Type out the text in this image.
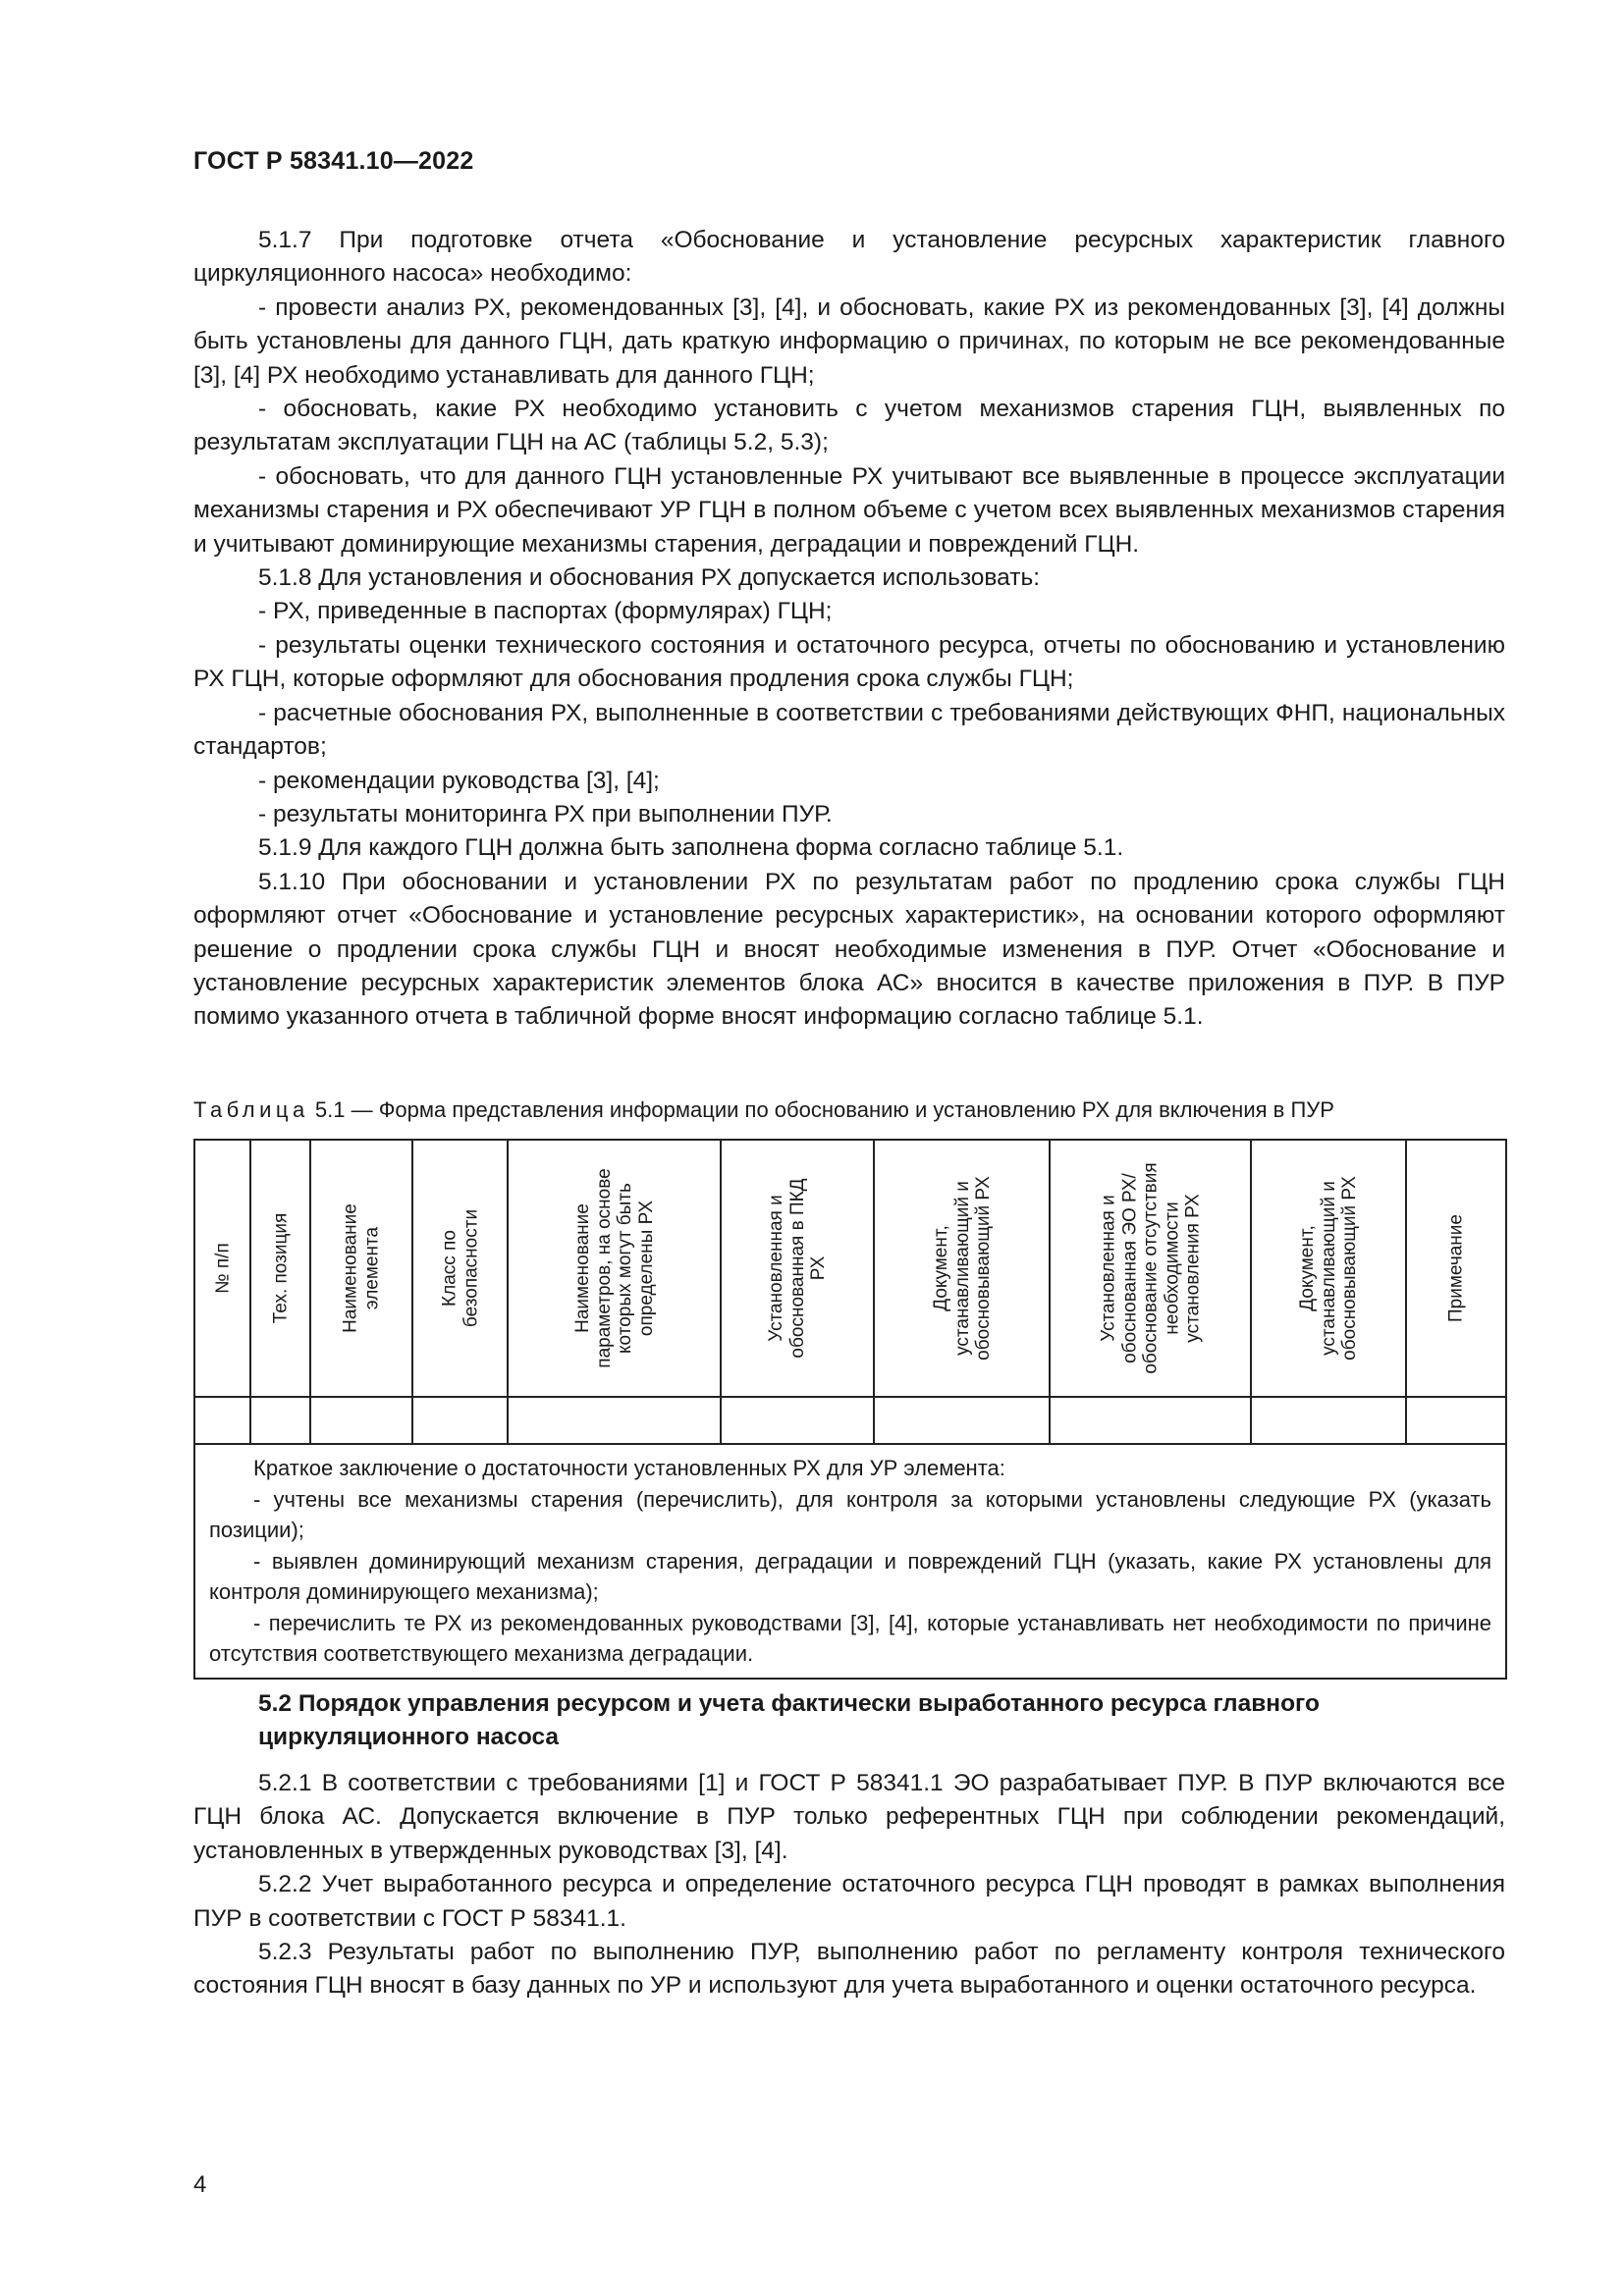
ГОСТ Р 58341.10—2022

5.1.7 При подготовке отчета «Обоснование и установление ресурсных характеристик главного циркуляционного насоса» необходимо:

- провести анализ РХ, рекомендованных [3], [4], и обосновать, какие РХ из рекомендованных [3], [4] должны быть установлены для данного ГЦН, дать краткую информацию о причинах, по которым не все рекомендованные [3], [4] РХ необходимо устанавливать для данного ГЦН;

- обосновать, какие РХ необходимо установить с учетом механизмов старения ГЦН, выявленных по результатам эксплуатации ГЦН на АС (таблицы 5.2, 5.3);

- обосновать, что для данного ГЦН установленные РХ учитывают все выявленные в процессе эксплуатации механизмы старения и РХ обеспечивают УР ГЦН в полном объеме с учетом всех выявленных механизмов старения и учитывают доминирующие механизмы старения, деградации и повреждений ГЦН.

5.1.8 Для установления и обоснования РХ допускается использовать:

- РХ, приведенные в паспортах (формулярах) ГЦН;

- результаты оценки технического состояния и остаточного ресурса, отчеты по обоснованию и установлению РХ ГЦН, которые оформляют для обоснования продления срока службы ГЦН;

- расчетные обоснования РХ, выполненные в соответствии с требованиями действующих ФНП, национальных стандартов;

- рекомендации руководства [3], [4];

- результаты мониторинга РХ при выполнении ПУР.

5.1.9 Для каждого ГЦН должна быть заполнена форма согласно таблице 5.1.

5.1.10 При обосновании и установлении РХ по результатам работ по продлению срока службы ГЦН оформляют отчет «Обоснование и установление ресурсных характеристик», на основании которого оформляют решение о продлении срока службы ГЦН и вносят необходимые изменения в ПУР. Отчет «Обоснование и установление ресурсных характеристик элементов блока АС» вносится в качестве приложения в ПУР. В ПУР помимо указанного отчета в табличной форме вносят информацию согласно таблице 5.1.

Таблица 5.1 — Форма представления информации по обоснованию и установлению РХ для включения в ПУР
№ п/п	Тех. позиция	Наименование элемента	Класс по безопасности	Наименование параметров, на основе которых могут быть определены РХ	Установленная и обоснованная в ПКД РХ	Документ, устанавливающий и обосновывающий РХ	Установленная и обоснованная ЭО РХ/обоснование отсутствия необходимости установления РХ	Документ, устанавливающий и обосновывающий РХ	Примечание

Краткое заключение о достаточности установленных РХ для УР элемента:

- учтены все механизмы старения (перечислить), для контроля за которыми установлены следующие РХ (указать позиции);

- выявлен доминирующий механизм старения, деградации и повреждений ГЦН (указать, какие РХ установлены для контроля доминирующего механизма);

- перечислить те РХ из рекомендованных руководствами [3], [4], которые устанавливать нет необходимости по причине отсутствия соответствующего механизма деградации.									

5.2 Порядок управления ресурсом и учета фактически выработанного ресурса главного циркуляционного насоса

5.2.1 В соответствии с требованиями [1] и ГОСТ Р 58341.1 ЭО разрабатывает ПУР. В ПУР включаются все ГЦН блока АС. Допускается включение в ПУР только референтных ГЦН при соблюдении рекомендаций, установленных в утвержденных руководствах [3], [4].

5.2.2 Учет выработанного ресурса и определение остаточного ресурса ГЦН проводят в рамках выполнения ПУР в соответствии с ГОСТ Р 58341.1.

5.2.3 Результаты работ по выполнению ПУР, выполнению работ по регламенту контроля технического состояния ГЦН вносят в базу данных по УР и используют для учета выработанного и оценки остаточного ресурса.

4
